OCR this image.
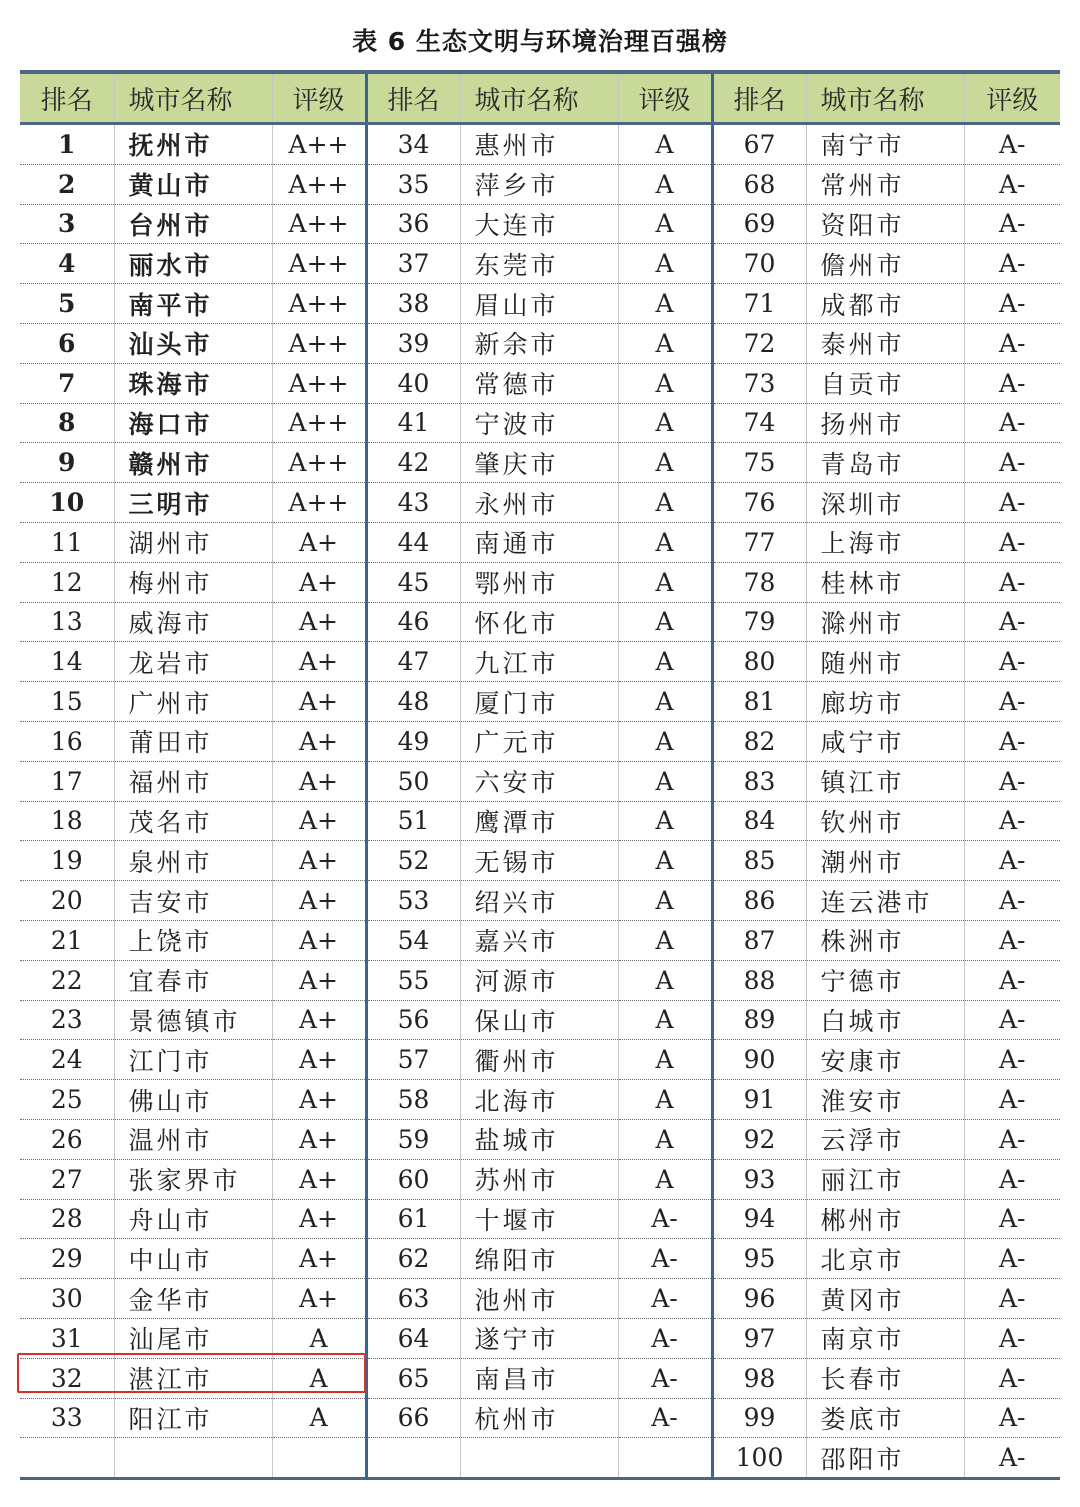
表 6 生态文明与环境治理百强榜
排名	城市名称	评级	排名	城市名称	评级	排名	城市名称	评级
1	抚州市	A++	34	惠州市	A	67	南宁市	A-
2	黄山市	A++	35	萍乡市	A	68	常州市	A-
3	台州市	A++	36	大连市	A	69	资阳市	A-
4	丽水市	A++	37	东莞市	A	70	儋州市	A-
5	南平市	A++	38	眉山市	A	71	成都市	A-
6	汕头市	A++	39	新余市	A	72	泰州市	A-
7	珠海市	A++	40	常德市	A	73	自贡市	A-
8	海口市	A++	41	宁波市	A	74	扬州市	A-
9	赣州市	A++	42	肇庆市	A	75	青岛市	A-
10	三明市	A++	43	永州市	A	76	深圳市	A-
11	湖州市	A+	44	南通市	A	77	上海市	A-
12	梅州市	A+	45	鄂州市	A	78	桂林市	A-
13	威海市	A+	46	怀化市	A	79	滁州市	A-
14	龙岩市	A+	47	九江市	A	80	随州市	A-
15	广州市	A+	48	厦门市	A	81	廊坊市	A-
16	莆田市	A+	49	广元市	A	82	咸宁市	A-
17	福州市	A+	50	六安市	A	83	镇江市	A-
18	茂名市	A+	51	鹰潭市	A	84	钦州市	A-
19	泉州市	A+	52	无锡市	A	85	潮州市	A-
20	吉安市	A+	53	绍兴市	A	86	连云港市	A-
21	上饶市	A+	54	嘉兴市	A	87	株洲市	A-
22	宜春市	A+	55	河源市	A	88	宁德市	A-
23	景德镇市	A+	56	保山市	A	89	白城市	A-
24	江门市	A+	57	衢州市	A	90	安康市	A-
25	佛山市	A+	58	北海市	A	91	淮安市	A-
26	温州市	A+	59	盐城市	A	92	云浮市	A-
27	张家界市	A+	60	苏州市	A	93	丽江市	A-
28	舟山市	A+	61	十堰市	A-	94	郴州市	A-
29	中山市	A+	62	绵阳市	A-	95	北京市	A-
30	金华市	A+	63	池州市	A-	96	黄冈市	A-
31	汕尾市	A	64	遂宁市	A-	97	南京市	A-
32	湛江市	A	65	南昌市	A-	98	长春市	A-
33	阳江市	A	66	杭州市	A-	99	娄底市	A-
						100	邵阳市	A-
